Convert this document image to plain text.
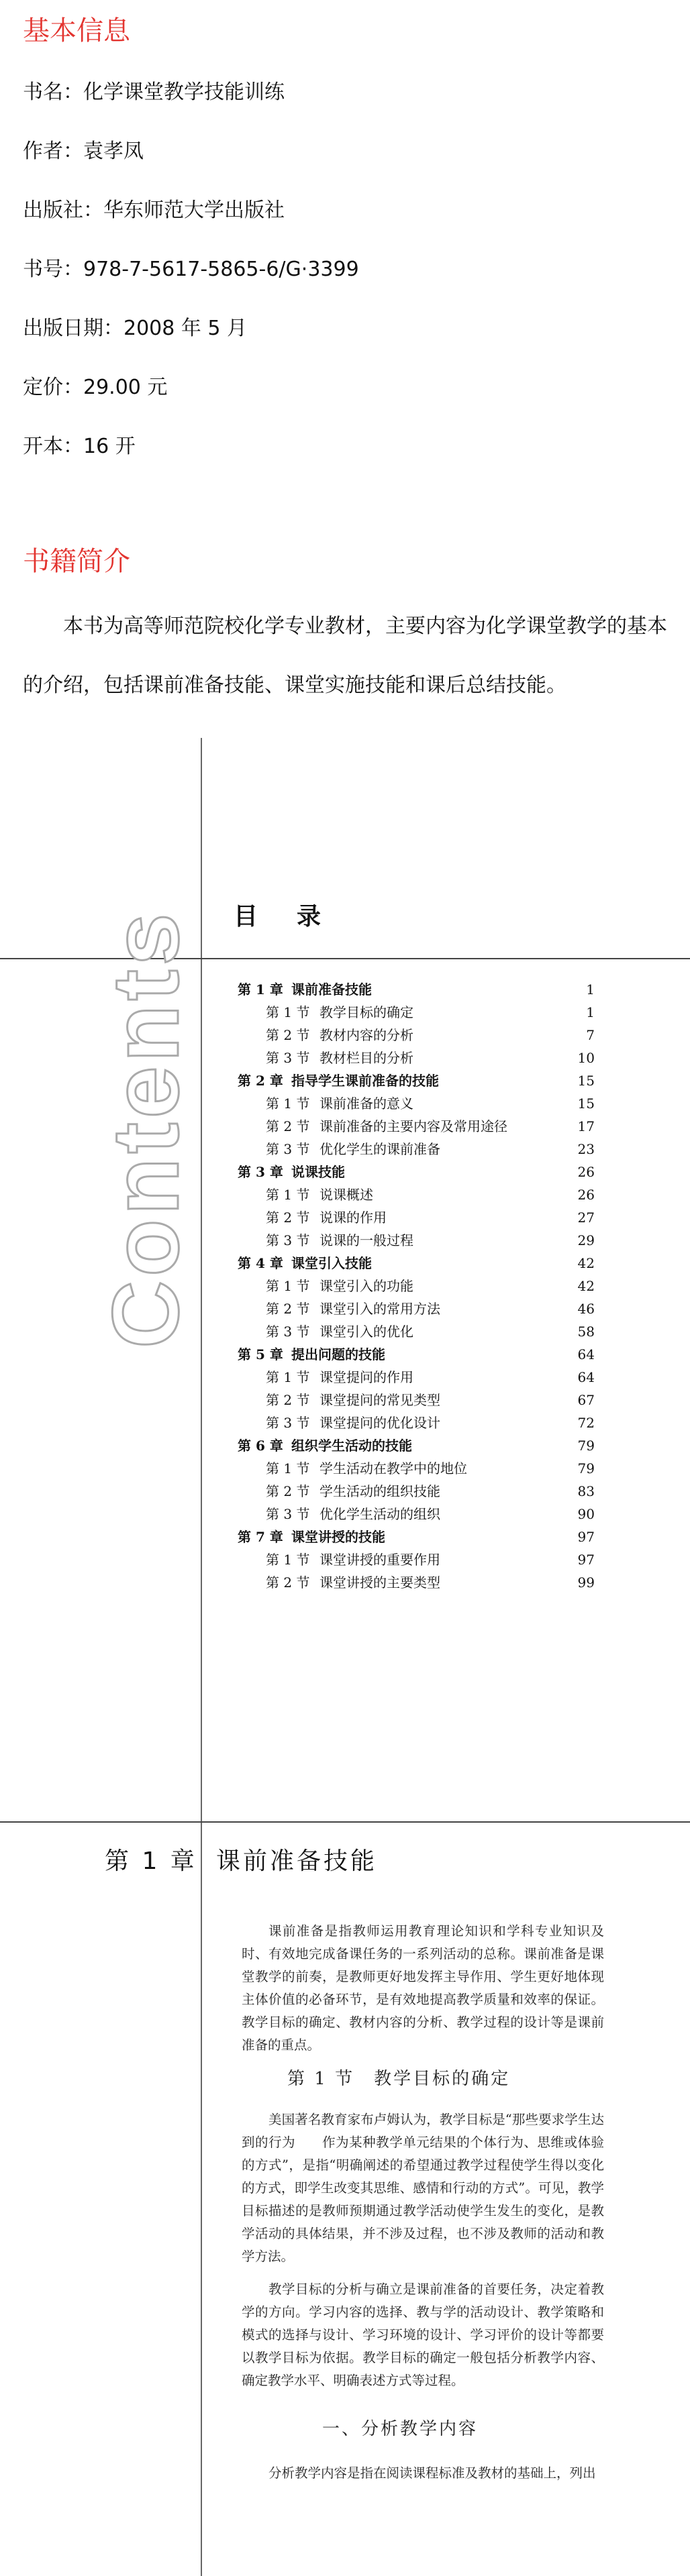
基本信息
书名：化学课堂教学技能训练
作者：袁孝凤
出版社：华东师范大学出版社
书号：978-7-5617-5865-6/G·3399
出版日期：2008 年 5 月
定价：29.00 元
开本：16 开
书籍简介
本书为高等师范院校化学专业教材，主要内容为化学课堂教学的基本的介绍，包括课前准备技能、课堂实施技能和课后总结技能。
目录
Contents	第 1 章 课前准备技能	1
第 1 节 教学目标的确定	1
第 2 节 教材内容的分析	7
第 3 节 教材栏目的分析	10
第 2 章 指导学生课前准备的技能	15
第 1 节 课前准备的意义	15
第 2 节 课前准备的主要内容及常用途径	17
第 3 节 优化学生的课前准备	23
第 3 章 说课技能	26
第 1 节 说课概述	26
第 2 节 说课的作用	27
第 3 节 说课的一般过程	29
第 4 章 课堂引入技能	42
第 1 节 课堂引入的功能	42
第 2 节 课堂引入的常用方法	46
第 3 节 课堂引入的优化	58
第 5 章 提出问题的技能	64
第 1 节 课堂提问的作用	64
第 2 节 课堂提问的常见类型	67
第 3 节 课堂提问的优化设计	72
第 6 章 组织学生活动的技能	79
第 1 节 学生活动在教学中的地位	79
第 2 节 学生活动的组织技能	83
第 3 节 优化学生活动的组织	90
第 7 章 课堂讲授的技能	97
第 1 节 课堂讲授的重要作用	97
第 2 节 课堂讲授的主要类型	99
第 1 章 课前准备技能
课前准备是指教师运用教育理论知识和学科专业知识及时、有效地完成备课任务的一系列活动的总称。课前准备是课堂教学的前奏，是教师更好地发挥主导作用、学生更好地体现主体价值的必备环节，是有效地提高教学质量和效率的保证。教学目标的确定、教材内容的分析、教学过程的设计等是课前准备的重点。
第 1 节　教学目标的确定
美国著名教育家布卢姆认为，教学目标是“那些要求学生达到的行为　　作为某种教学单元结果的个体行为、思维或体验的方式”，是指“明确阐述的希望通过教学过程使学生得以变化的方式，即学生改变其思维、感情和行动的方式”。可见，教学目标描述的是教师预期通过教学活动使学生发生的变化，是教学活动的具体结果，并不涉及过程，也不涉及教师的活动和教学方法。
教学目标的分析与确立是课前准备的首要任务，决定着教学的方向。学习内容的选择、教与学的活动设计、教学策略和模式的选择与设计、学习环境的设计、学习评价的设计等都要以教学目标为依据。教学目标的确定一般包括分析教学内容、确定教学水平、明确表述方式等过程。
一、分析教学内容
分析教学内容是指在阅读课程标准及教材的基础上，列出
